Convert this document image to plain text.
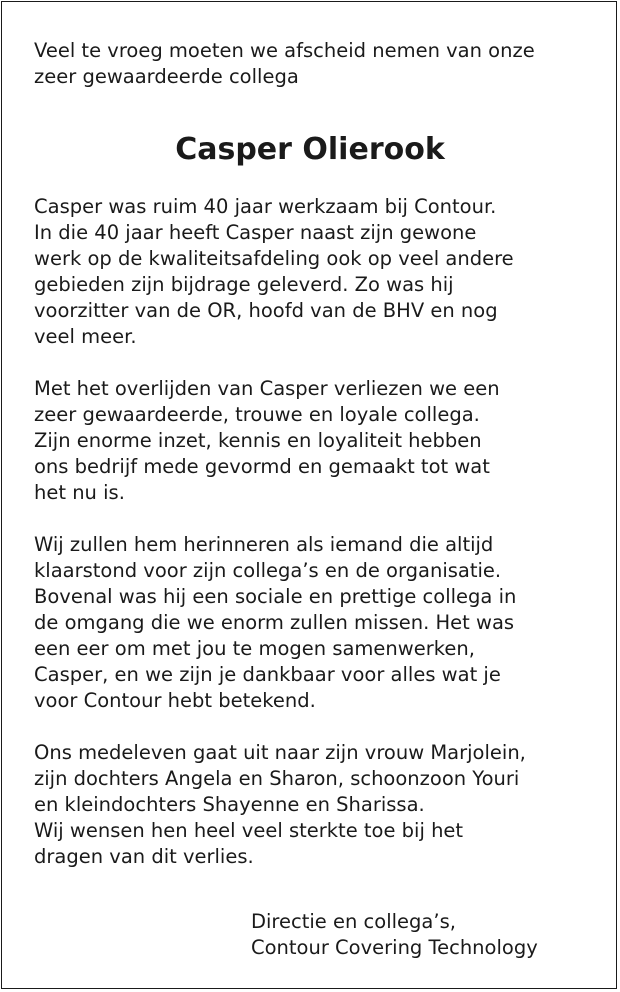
Veel te vroeg moeten we afscheid nemen van onze
zeer gewaardeerde collega

Casper Olierook

Casper was ruim 40 jaar werkzaam bij Contour.
In die 40 jaar heeft Casper naast zijn gewone
werk op de kwaliteitsafdeling ook op veel andere
gebieden zijn bijdrage geleverd. Zo was hij
voorzitter van de OR, hoofd van de BHV en nog
veel meer.

Met het overlijden van Casper verliezen we een
zeer gewaardeerde, trouwe en loyale collega.
Zijn enorme inzet, kennis en loyaliteit hebben
ons bedrijf mede gevormd en gemaakt tot wat
het nu is.

Wij zullen hem herinneren als iemand die altijd
klaarstond voor zijn collega’s en de organisatie.
Bovenal was hij een sociale en prettige collega in
de omgang die we enorm zullen missen. Het was
een eer om met jou te mogen samenwerken,
Casper, en we zijn je dankbaar voor alles wat je
voor Contour hebt betekend.

Ons medeleven gaat uit naar zijn vrouw Marjolein,
zijn dochters Angela en Sharon, schoonzoon Youri
en kleindochters Shayenne en Sharissa.
Wij wensen hen heel veel sterkte toe bij het
dragen van dit verlies.

Directie en collega’s,
Contour Covering Technology
